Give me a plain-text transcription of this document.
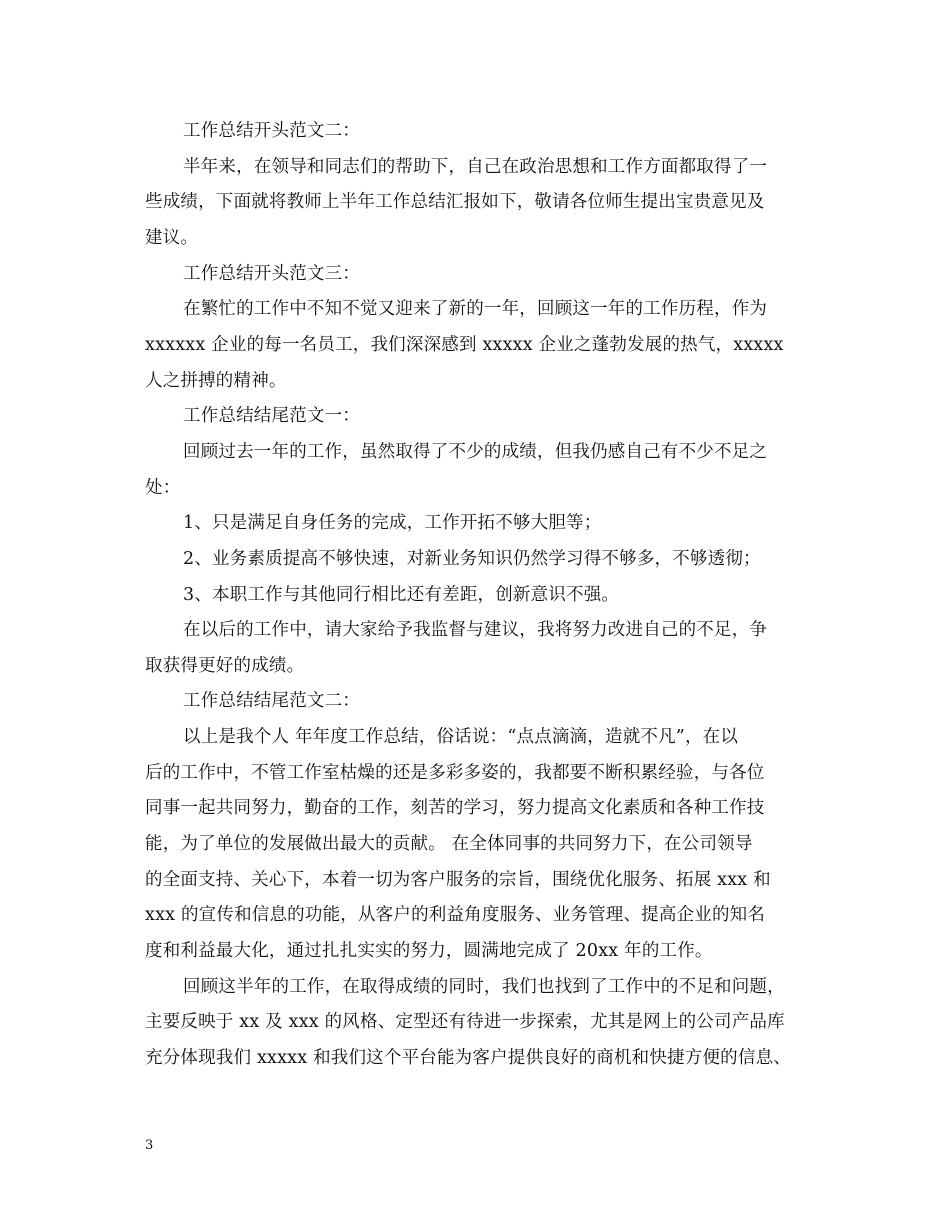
工作总结开头范文二：
半年来，在领导和同志们的帮助下，自己在政治思想和工作方面都取得了一
些成绩，下面就将教师上半年工作总结汇报如下，敬请各位师生提出宝贵意见及
建议。
工作总结开头范文三：
在繁忙的工作中不知不觉又迎来了新的一年，回顾这一年的工作历程，作为
xxxxxx 企业的每一名员工，我们深深感到 xxxxx 企业之蓬勃发展的热气，xxxxx
人之拼搏的精神。
工作总结结尾范文一：
回顾过去一年的工作，虽然取得了不少的成绩，但我仍感自己有不少不足之
处：
1、只是满足自身任务的完成，工作开拓不够大胆等；
2、业务素质提高不够快速，对新业务知识仍然学习得不够多，不够透彻；
3、本职工作与其他同行相比还有差距，创新意识不强。
在以后的工作中，请大家给予我监督与建议，我将努力改进自己的不足，争
取获得更好的成绩。
工作总结结尾范文二：
以上是我个人 年年度工作总结，俗话说：“点点滴滴，造就不凡”，在以
后的工作中，不管工作室枯燥的还是多彩多姿的，我都要不断积累经验，与各位
同事一起共同努力，勤奋的工作，刻苦的学习，努力提高文化素质和各种工作技
能，为了单位的发展做出最大的贡献。 在全体同事的共同努力下，在公司领导
的全面支持、关心下，本着一切为客户服务的宗旨，围绕优化服务、拓展 xxx 和
xxx 的宣传和信息的功能，从客户的利益角度服务、业务管理、提高企业的知名
度和利益最大化，通过扎扎实实的努力，圆满地完成了 20xx 年的工作。
回顾这半年的工作，在取得成绩的同时，我们也找到了工作中的不足和问题，
主要反映于 xx 及 xxx 的风格、定型还有待进一步探索，尤其是网上的公司产品库
充分体现我们 xxxxx 和我们这个平台能为客户提供良好的商机和快捷方便的信息、
3
